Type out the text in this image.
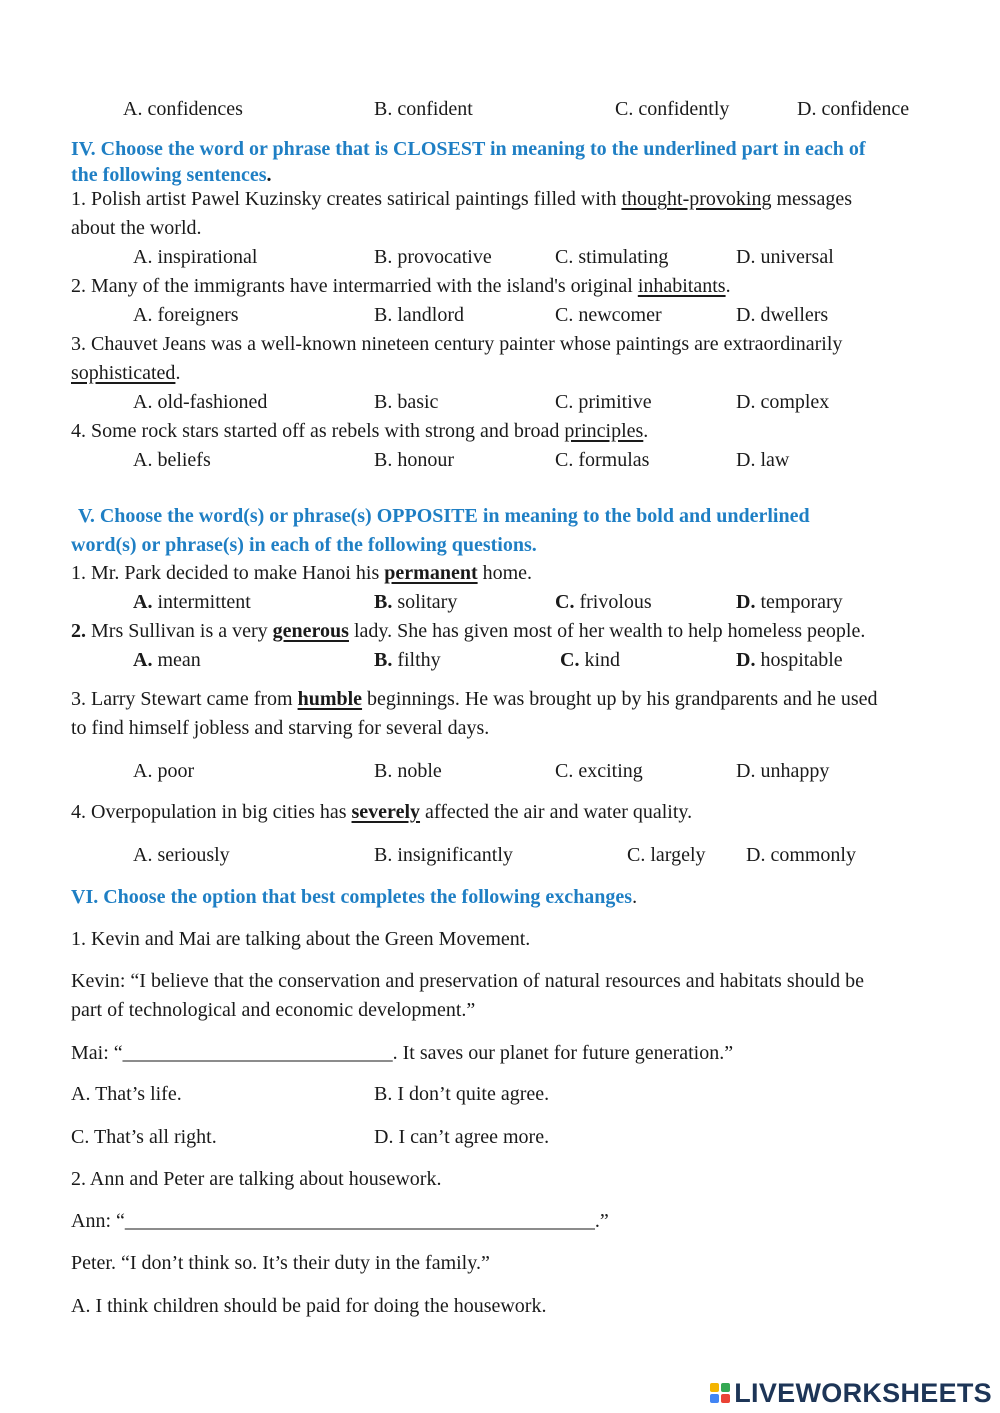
A. confidences	B. confident	C. confidently	D. confidence
IV. Choose the word or phrase that is CLOSEST in meaning to the underlined part in each of
the following sentences.
1. Polish artist Pawel Kuzinsky creates satirical paintings filled with thought-provoking messages
about the world.
A. inspirational	B. provocative	C. stimulating	D. universal
2. Many of the immigrants have intermarried with the island's original inhabitants.
A. foreigners	B. landlord	C. newcomer	D. dwellers
3. Chauvet Jeans was a well-known nineteen century painter whose paintings are extraordinarily
sophisticated.
A. old-fashioned	B. basic	C. primitive	D. complex
4. Some rock stars started off as rebels with strong and broad principles.
A. beliefs	B. honour	C. formulas	D. law
V. Choose the word(s) or phrase(s) OPPOSITE in meaning to the bold and underlined
word(s) or phrase(s) in each of the following questions.
1. Mr. Park decided to make Hanoi his permanent home.
A. intermittent	B. solitary	C. frivolous	D. temporary
2. Mrs Sullivan is a very generous lady. She has given most of her wealth to help homeless people.
A. mean	B. filthy	C. kind	D. hospitable
3. Larry Stewart came from humble beginnings. He was brought up by his grandparents and he used
to find himself jobless and starving for several days.
A. poor	B. noble	C. exciting	D. unhappy
4. Overpopulation in big cities has severely affected the air and water quality.
A. seriously	B. insignificantly	C. largely D. commonly
VI. Choose the option that best completes the following exchanges.
1. Kevin and Mai are talking about the Green Movement.
Kevin: “I believe that the conservation and preservation of natural resources and habitats should be
part of technological and economic development.”
Mai: “___________________________. It saves our planet for future generation.”
A. That’s life.	B. I don’t quite agree.
C. That’s all right.	D. I can’t agree more.
2. Ann and Peter are talking about housework.
Ann: “_______________________________________________.”
Peter. “I don’t think so. It’s their duty in the family.”
A. I think children should be paid for doing the housework.
LIVEWORKSHEETS
